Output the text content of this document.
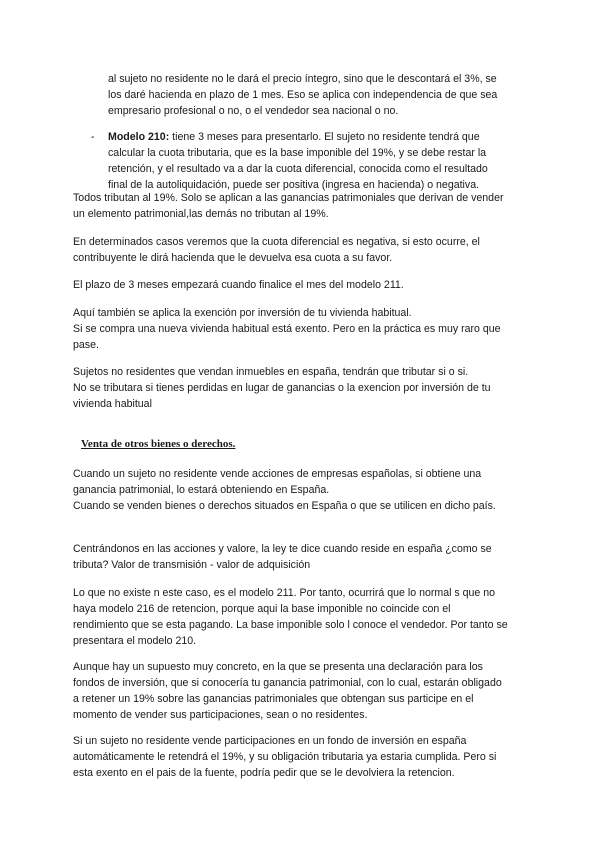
al sujeto no residente no le dará el precio íntegro, sino que le descontará el 3%, se

los daré hacienda en plazo de 1 mes. Eso se aplica con independencia de que sea

empresario profesional o no, o el vendedor sea nacional o no.

- Modelo 210: tiene 3 meses para presentarlo. El sujeto no residente tendrá que

calcular la cuota tributaria, que es la base imponible del 19%, y se debe restar la

retención, y el resultado va a dar la cuota diferencial, conocida como el resultado

final de la autoliquidación, puede ser positiva (ingresa en hacienda) o negativa.

Todos tributan al 19%. Solo se aplican a las ganancias patrimoniales que derivan de vender

un elemento patrimonial,las demás no tributan al 19%.

En determinados casos veremos que la cuota diferencial es negativa, si esto ocurre, el

contribuyente le dirá hacienda que le devuelva esa cuota a su favor.

El plazo de 3 meses empezará cuando finalice el mes del modelo 211.

Aquí también se aplica la exención por inversión de tu vivienda habitual.

Si se compra una nueva vivienda habitual está exento. Pero en la práctica es muy raro que

pase.

Sujetos no residentes que vendan inmuebles en españa, tendrán que tributar si o si.

No se tributara si tienes perdidas en lugar de ganancias o la exencion por inversión de tu

vivienda habitual

Venta de otros bienes o derechos.

Cuando un sujeto no residente vende acciones de empresas españolas, si obtiene una

ganancia patrimonial, lo estará obteniendo en España.

Cuando se venden bienes o derechos situados en España o que se utilicen en dicho país.

Centrándonos en las acciones y valore, la ley te dice cuando reside en españa ¿como se

tributa? Valor de transmisión - valor de adquisición

Lo que no existe n este caso, es el modelo 211. Por tanto, ocurrirá que lo normal s que no

haya modelo 216 de retencion, porque aqui la base imponible no coincide con el

rendimiento que se esta pagando. La base imponible solo l conoce el vendedor. Por tanto se

presentara el modelo 210.

Aunque hay un supuesto muy concreto, en la que se presenta una declaración para los

fondos de inversión, que si conocería tu ganancia patrimonial, con lo cual, estarán obligado

a retener un 19% sobre las ganancias patrimoniales que obtengan sus participe en el

momento de vender sus participaciones, sean o no residentes.

Si un sujeto no residente vende participaciones en un fondo de inversión en españa

automáticamente le retendrá el 19%, y su obligación tributaria ya estaria cumplida. Pero si

esta exento en el pais de la fuente, podría pedir que se le devolviera la retencion.
